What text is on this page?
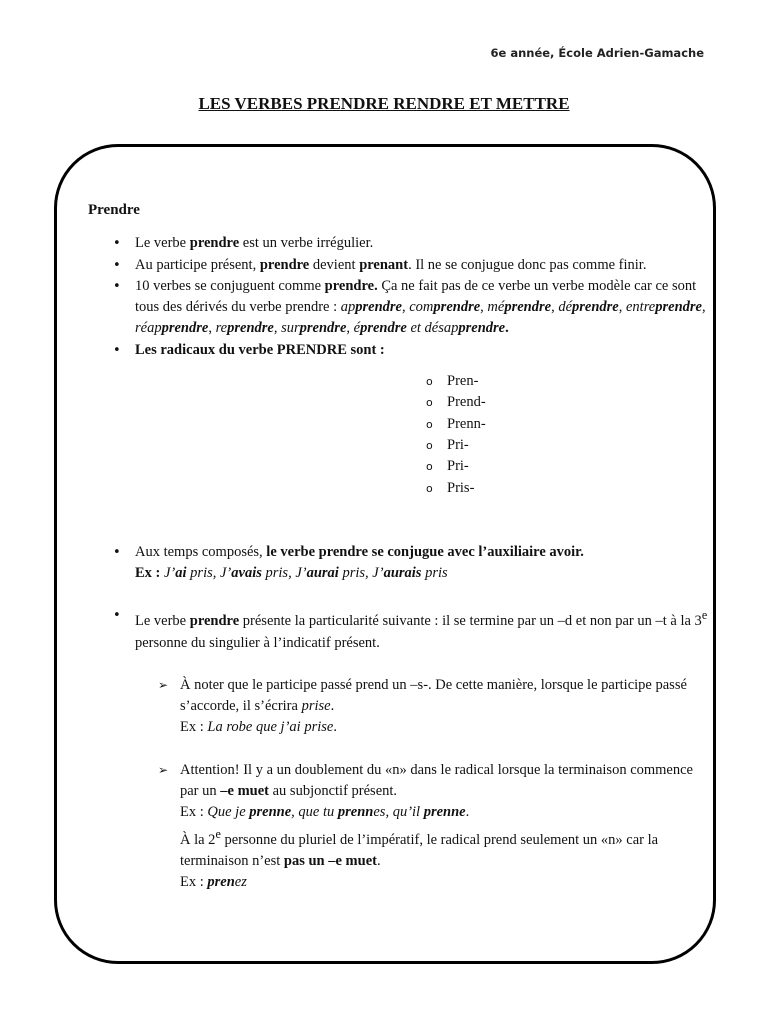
6e année, École Adrien-Gamache
LES VERBES PRENDRE RENDRE ET METTRE
Prendre
• Le verbe prendre est un verbe irrégulier.
• Au participe présent, prendre devient prenant. Il ne se conjugue donc pas comme finir.
• 10 verbes se conjuguent comme prendre. Ça ne fait pas de ce verbe un verbe modèle car ce sont tous des dérivés du verbe prendre : apprendre, comprendre, méprendre, déprendre, entreprendre, réapprendre, reprendre, surprendre, éprendre et désapprendre.
• Les radicaux du verbe PRENDRE sont :
o Pren-
o Prend-
o Prenn-
o Pri-
o Pri-
o Pris-
• Aux temps composés, le verbe prendre se conjugue avec l’auxiliaire avoir.
Ex : J’ai pris, J’avais pris, J’aurai pris, J’aurais pris
• Le verbe prendre présente la particularité suivante : il se termine par un –d et non par un –t à la 3e personne du singulier à l’indicatif présent.
➢ À noter que le participe passé prend un –s-. De cette manière, lorsque le participe passé s’accorde, il s’écrira prise.
Ex : La robe que j’ai prise.
➢ Attention! Il y a un doublement du «n» dans le radical lorsque la terminaison commence par un –e muet au subjonctif présent.
Ex : Que je prenne, que tu prennes, qu’il prenne.
À la 2e personne du pluriel de l’impératif, le radical prend seulement un «n» car la terminaison n’est pas un –e muet.
Ex : prenez
